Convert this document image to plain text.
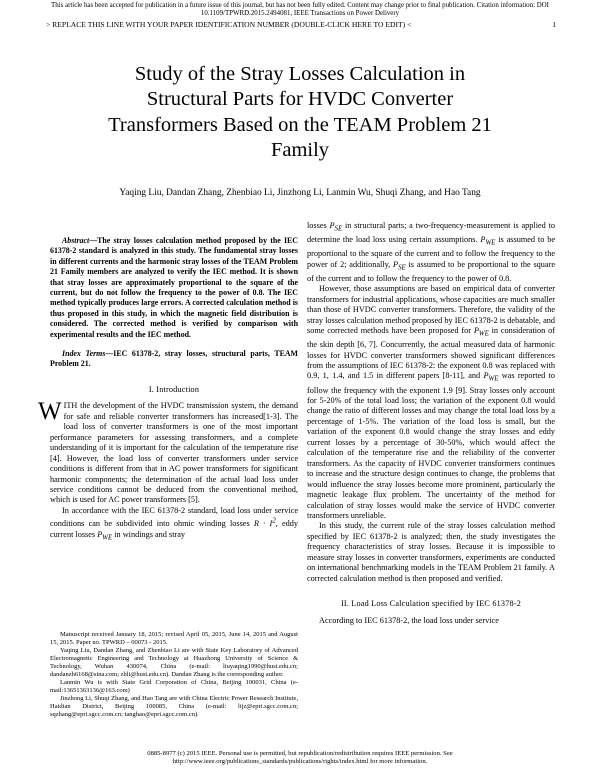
This article has been accepted for publication in a future issue of this journal, but has not been fully edited. Content may change prior to final publication. Citation information: DOI
10.1109/TPWRD.2015.2494081, IEEE Transactions on Power Delivery
> REPLACE THIS LINE WITH YOUR PAPER IDENTIFICATION NUMBER (DOUBLE-CLICK HERE TO EDIT) <	1
Study of the Stray Losses Calculation in
Structural Parts for HVDC Converter
Transformers Based on the TEAM Problem 21
Family
Yaqing Liu, Dandan Zhang, Zhenbiao Li, Jinzhong Li, Lanmin Wu, Shuqi Zhang, and Hao Tang

Abstract—The stray losses calculation method proposed by the IEC 61378-2 standard is analyzed in this study. The fundamental stray losses in different currents and the harmonic stray losses of the TEAM Problem 21 Family members are analyzed to verify the IEC method. It is shown that stray losses are approximately proportional to the square of the current, but do not follow the frequency to the power of 0.8. The IEC method typically produces large errors. A corrected calculation method is thus proposed in this study, in which the magnetic field distribution is considered. The corrected method is verified by comparison with experimental results and the IEC method.

Index Terms—IEC 61378-2, stray losses, structural parts, TEAM Problem 21.

I. Introduction

WITH the development of the HVDC transmission system, the demand for safe and reliable converter transformers has increased[1-3]. The load loss of converter transformers is one of the most important performance parameters for assessing transformers, and a complete understanding of it is important for the calculation of the temperature rise [4]. However, the load loss of converter transformers under service conditions is different from that in AC power transformers for significant harmonic components; the determination of the actual load loss under service conditions cannot be deduced from the conventional method, which is used for AC power transformers [5].

In accordance with the IEC 61378-2 standard, load loss under service conditions can be subdivided into ohmic winding losses $R \cdot I^2$, eddy current losses $P_{WE}$ in windings and stray

Manuscript received January 18, 2015; revised April 05, 2015, June 14, 2015 and August 15, 2015. Paper no. TPWRD – 00073 - 2015.

Yaqing Liu, Dandan Zhang, and Zhenbiao Li are with State Key Laboratory of Advanced Electromagnetic Engineering and Technology at Huazhong University of Science & Technology, Wuhan 430074, China (e-mail: liuyaqing1990@hust.edu.cn; dandanzh6168@sina.com; zbli@hust.edu.cn). Dandan Zhang is the corresponding author.

Lanmin Wu is with State Grid Corporation of China, Beijing 100031, China (e-mail:13651363136@163.com)

Jinzhong Li, Shuqi Zhang, and Hao Tang are with China Electric Power Research Institute, Haidian District, Beijing 100085, China (e-mail: lijz@epri.sgcc.com.cn; sqzhang@epri.sgcc.com.cn; tanghao@epri.sgcc.com.cn).

losses $P_{SE}$ in structural parts; a two-frequency-measurement is applied to determine the load loss using certain assumptions. $P_{WE}$ is assumed to be proportional to the square of the current and to follow the frequency to the power of 2; additionally, $P_{SE}$ is assumed to be proportional to the square of the current and to follow the frequency to the power of 0.8.

However, those assumptions are based on empirical data of converter transformers for industrial applications, whose capacities are much smaller than those of HVDC converter transformers. Therefore, the validity of the stray losses calculation method proposed by IEC 61378-2 is debatable, and some corrected methods have been proposed for $P_{WE}$ in consideration of the skin depth [6, 7]. Concurrently, the actual measured data of harmonic losses for HVDC converter transformers showed significant differences from the assumptions of IEC 61378-2: the exponent 0.8 was replaced with 0.9, 1, 1.4, and 1.5 in different papers [8-11], and $P_{WE}$ was reported to follow the frequency with the exponent 1.9 [9]. Stray losses only account for 5-20% of the total load loss; the variation of the exponent 0.8 would change the ratio of different losses and may change the total load loss by a percentage of 1-5%. The variation of the load loss is small, but the variation of the exponent 0.8 would change the stray losses and eddy current losses by a percentage of 30-50%, which would affect the calculation of the temperature rise and the reliability of the converter transformers. As the capacity of HVDC converter transformers continues to increase and the structure design continues to change, the problems that would influence the stray losses become more prominent, particularly the magnetic leakage flux problem. The uncertainty of the method for calculation of stray losses would make the service of HVDC converter transformers unreliable.

In this study, the current rule of the stray losses calculation method specified by IEC 61378-2 is analyzed; then, the study investigates the frequency characteristics of stray losses. Because it is impossible to measure stray losses in converter transformers, experiments are conducted on international benchmarking models in the TEAM Problem 21 family. A corrected calculation method is then proposed and verified.

II. Load Loss Calculation specified by IEC 61378-2

According to IEC 61378-2, the load loss under service

0885-8977 (c) 2015 IEEE. Personal use is permitted, but republication/redistribution requires IEEE permission. See
http://www.ieee.org/publications_standards/publications/rights/index.html for more information.
